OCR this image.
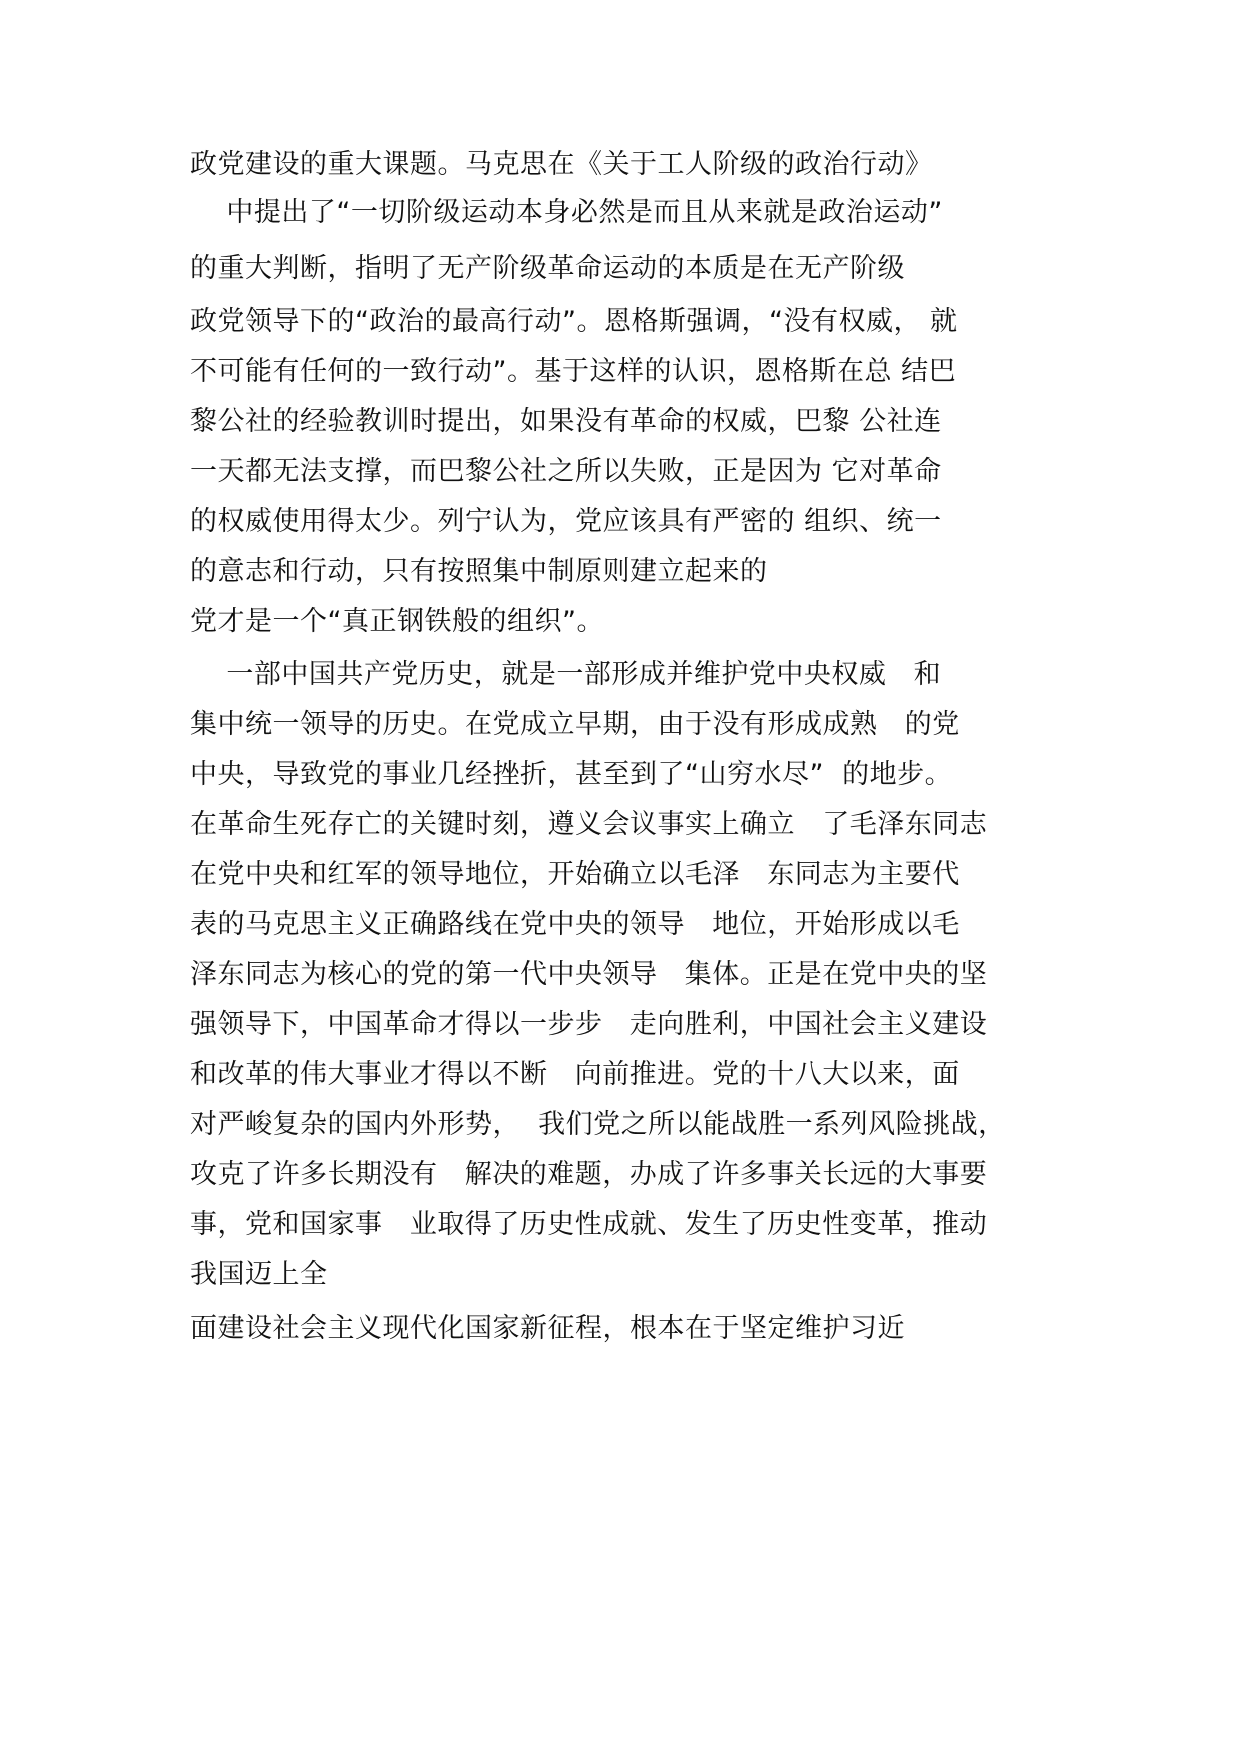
政党建设的重大课题。马克思在《关于工人阶级的政治行动》
中提出了“一切阶级运动本身必然是而且从来就是政治运动”
的重大判断，指明了无产阶级革命运动的本质是在无产阶级
政党领导下的“政治的最高行动”。恩格斯强调，“没有权威， 就
不可能有任何的一致行动”。基于这样的认识，恩格斯在总 结巴
黎公社的经验教训时提出，如果没有革命的权威，巴黎 公社连
一天都无法支撑，而巴黎公社之所以失败，正是因为 它对革命
的权威使用得太少。列宁认为，党应该具有严密的 组织、统一
的意志和行动，只有按照集中制原则建立起来的
党才是一个“真正钢铁般的组织”。
一部中国共产党历史，就是一部形成并维护党中央权威   和
集中统一领导的历史。在党成立早期，由于没有形成成熟   的党
中央，导致党的事业几经挫折，甚至到了“山穷水尽”  的地步。
在革命生死存亡的关键时刻，遵义会议事实上确立   了毛泽东同志
在党中央和红军的领导地位，开始确立以毛泽   东同志为主要代
表的马克思主义正确路线在党中央的领导   地位，开始形成以毛
泽东同志为核心的党的第一代中央领导   集体。正是在党中央的坚
强领导下，中国革命才得以一步步   走向胜利，中国社会主义建设
和改革的伟大事业才得以不断   向前推进。党的十八大以来，面
对严峻复杂的国内外形势，  我们党之所以能战胜一系列风险挑战，
攻克了许多长期没有   解决的难题，办成了许多事关长远的大事要
事，党和国家事   业取得了历史性成就、发生了历史性变革，推动
我国迈上全
面建设社会主义现代化国家新征程，根本在于坚定维护习近
